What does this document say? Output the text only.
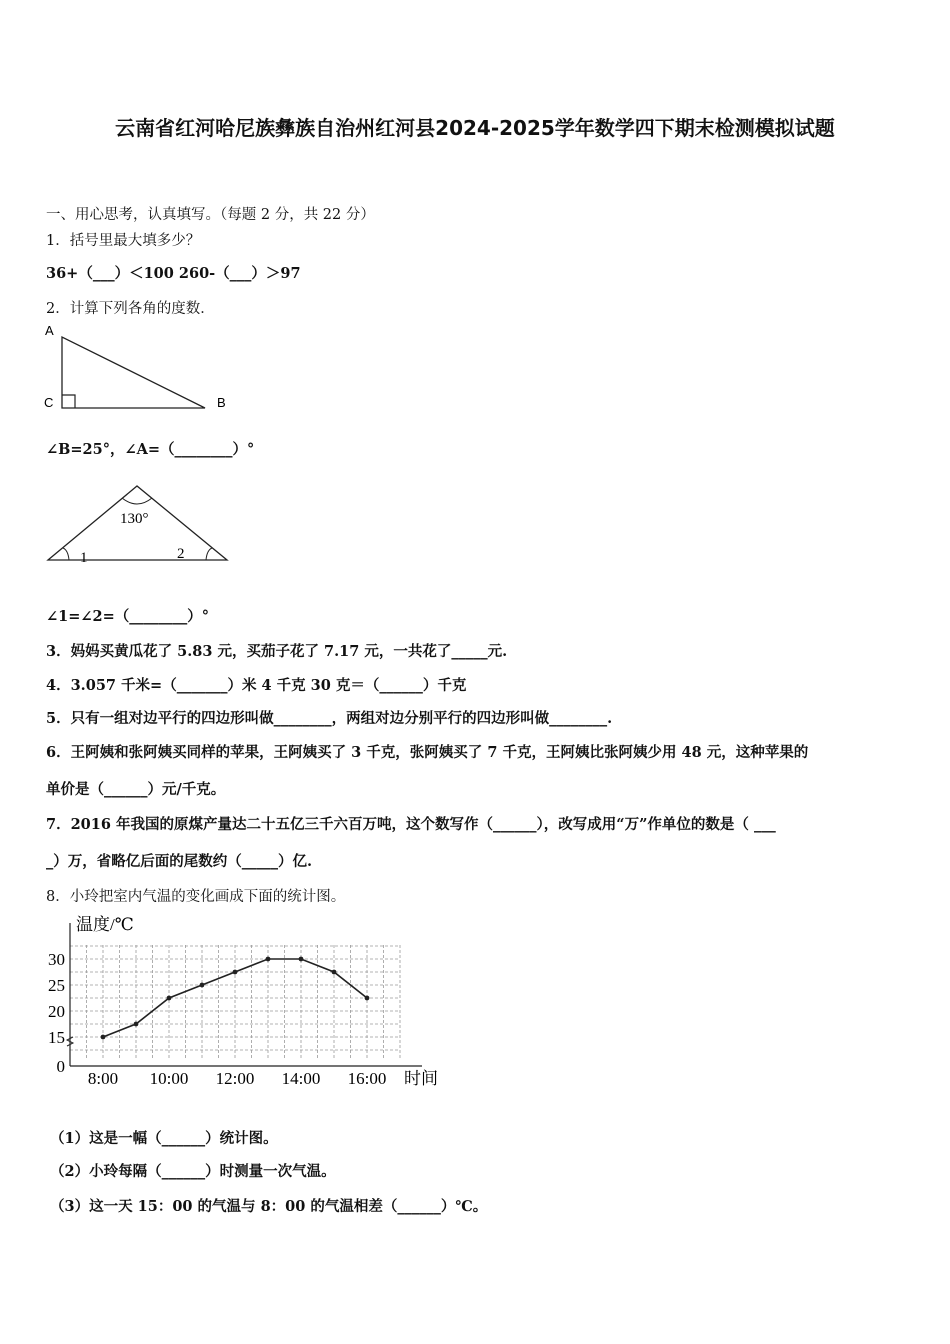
云南省红河哈尼族彝族自治州红河县2024-2025学年数学四下期末检测模拟试题
一、用心思考，认真填写。（每题 2 分，共 22 分）
1．括号里最大填多少？
36+（___）＜100 260-（___）＞97
2．计算下列各角的度数．
A
C	B
∠B=25°，∠A=（________）°
130°
1	2
∠1=∠2=（________）°
3．妈妈买黄瓜花了 5.83 元，买茄子花了 7.17 元，一共花了_____元.
4．3.057 千米=（_______）米 4 千克 30 克＝（______）千克
5．只有一组对边平行的四边形叫做________，两组对边分别平行的四边形叫做________.
6．王阿姨和张阿姨买同样的苹果，王阿姨买了 3 千克，张阿姨买了 7 千克，王阿姨比张阿姨少用 48 元，这种苹果的
单价是（______）元/千克。
7．2016 年我国的原煤产量达二十五亿三千六百万吨，这个数写作（______），改写成用“万”作单位的数是（ ___
_）万，省略亿后面的尾数约（_____）亿.
8．小玲把室内气温的变化画成下面的统计图。
温度/℃
时间
0
15
20
25
30
8:00 10:00 12:00 14:00 16:00
（1）这是一幅（______）统计图。
（2）小玲每隔（______）时测量一次气温。
（3）这一天 15：00 的气温与 8：00 的气温相差（______）℃。
